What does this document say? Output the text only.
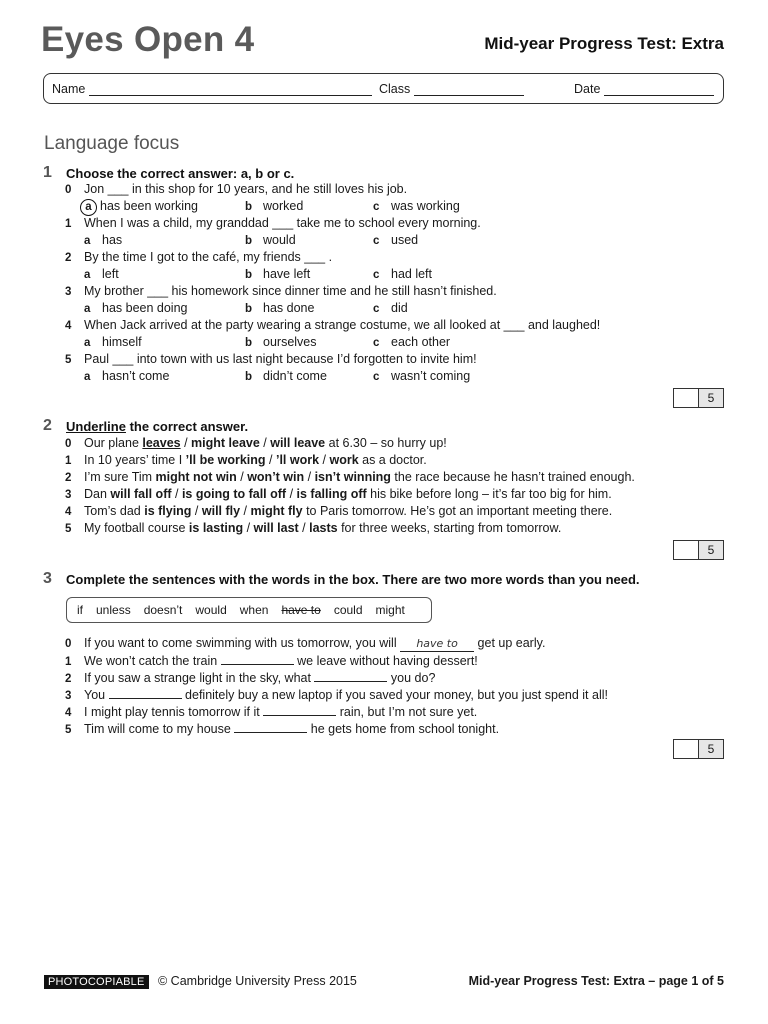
Eyes Open 4	Mid-year Progress Test: Extra
Name	Class	Date
Language focus
1 Choose the correct answer: a, b or c.
0 Jon ___ in this shop for 10 years, and he still loves his job.
a has been working	b worked	c was working
1 When I was a child, my granddad ___ take me to school every morning.
a has	b would	c used
2 By the time I got to the café, my friends ___ .
a left	b have left	c had left
3 My brother ___ his homework since dinner time and he still hasn’t finished.
a has been doing	b has done	c did
4 When Jack arrived at the party wearing a strange costume, we all looked at ___ and laughed!
a himself	b ourselves	c each other
5 Paul ___ into town with us last night because I’d forgotten to invite him!
a hasn’t come	b didn’t come	c wasn’t coming
5
2 Underline the correct answer.
0 Our plane leaves / might leave / will leave at 6.30 – so hurry up!
1 In 10 years’ time I ’ll be working / ’ll work / work as a doctor.
2 I’m sure Tim might not win / won’t win / isn’t winning the race because he hasn’t trained enough.
3 Dan will fall off / is going to fall off / is falling off his bike before long – it’s far too big for him.
4 Tom’s dad is flying / will fly / might fly to Paris tomorrow. He’s got an important meeting there.
5 My football course is lasting / will last / lasts for three weeks, starting from tomorrow.
5
3 Complete the sentences with the words in the box. There are two more words than you need.
if unless doesn’t would when have to could might
0 If you want to come swimming with us tomorrow, you will have to get up early.
1 We won’t catch the train	we leave without having dessert!
2 If you saw a strange light in the sky, what	you do?
3 You	definitely buy a new laptop if you saved your money, but you just spend it all!
4 I might play tennis tomorrow if it	rain, but I’m not sure yet.
5 Tim will come to my house	he gets home from school tonight.
5
PHOTOCOPIABLE	© Cambridge University Press 2015	Mid-year Progress Test: Extra – page 1 of 5
